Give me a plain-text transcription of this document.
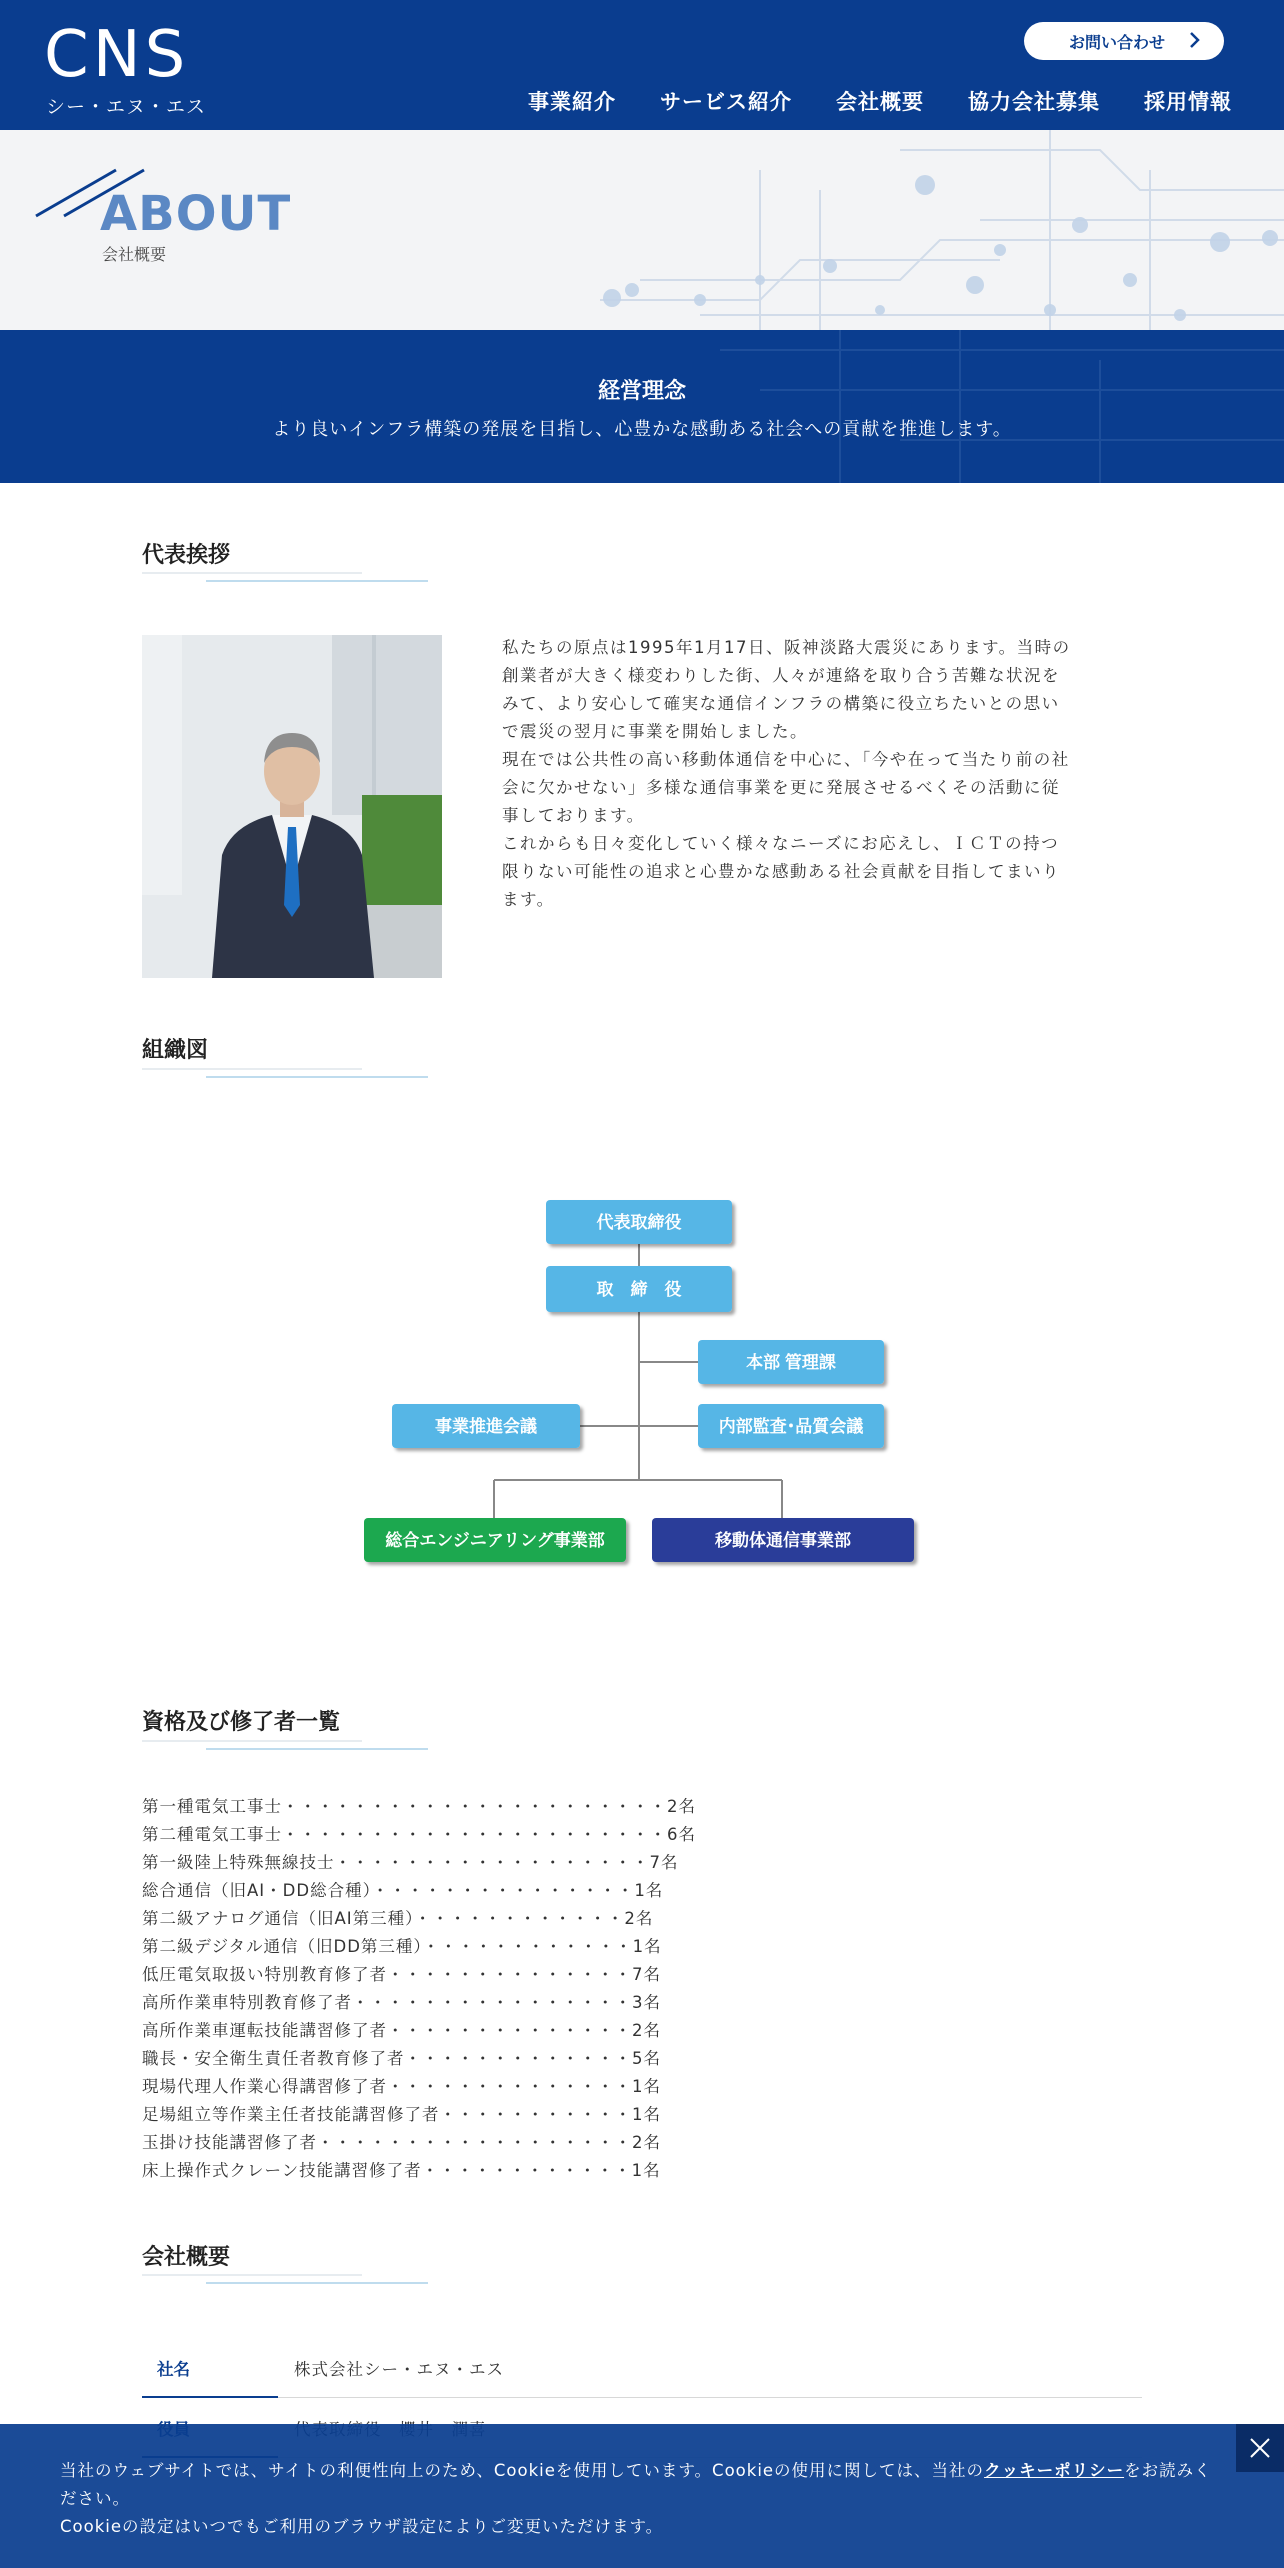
CNS
シー・エヌ・エス
お問い合わせ
事業紹介 サービス紹介 会社概要 協力会社募集 採用情報
ABOUT
会社概要
経営理念
より良いインフラ構築の発展を目指し、心豊かな感動ある社会への貢献を推進します。
代表挨拶

私たちの原点は1995年1月17日、阪神淡路大震災にあります。当時の創業者が大きく様変わりした街、人々が連絡を取り合う苦難な状況をみて、より安心して確実な通信インフラの構築に役立ちたいとの思いで震災の翌月に事業を開始しました。

現在では公共性の高い移動体通信を中心に、「今や在って当たり前の社会に欠かせない」多様な通信事業を更に発展させるべくその活動に従事しております。

これからも日々変化していく様々なニーズにお応えし、ＩＣＴの持つ限りない可能性の追求と心豊かな感動ある社会貢献を目指してまいります。

組織図
代表取締役
取　締　役
本部 管理課
内部監査･品質会議
事業推進会議
総合エンジニアリング事業部	移動体通信事業部
資格及び修了者一覧
第一種電気工事士・・・・・・・・・・・・・・・・・・・・・・2名
第二種電気工事士・・・・・・・・・・・・・・・・・・・・・・6名
第一級陸上特殊無線技士・・・・・・・・・・・・・・・・・・7名
総合通信（旧AI・DD総合種）・・・・・・・・・・・・・・・1名
第二級アナログ通信（旧AI第三種）・・・・・・・・・・・・2名
第二級デジタル通信（旧DD第三種）・・・・・・・・・・・・1名
低圧電気取扱い特別教育修了者・・・・・・・・・・・・・・7名
高所作業車特別教育修了者・・・・・・・・・・・・・・・・3名
高所作業車運転技能講習修了者・・・・・・・・・・・・・・2名
職長・安全衛生責任者教育修了者・・・・・・・・・・・・・5名
現場代理人作業心得講習修了者・・・・・・・・・・・・・・1名
足場組立等作業主任者技能講習修了者・・・・・・・・・・・1名
玉掛け技能講習修了者・・・・・・・・・・・・・・・・・・2名
床上操作式クレーン技能講習修了者・・・・・・・・・・・・1名
会社概要
社名	株式会社シー・エヌ・エス
当社のウェブサイトでは、サイトの利便性向上のため、Cookieを使用しています。Cookieの使用に関しては、当社のクッキーポリシーをお読みください。
Cookieの設定はいつでもご利用のブラウザ設定によりご変更いただけます。
